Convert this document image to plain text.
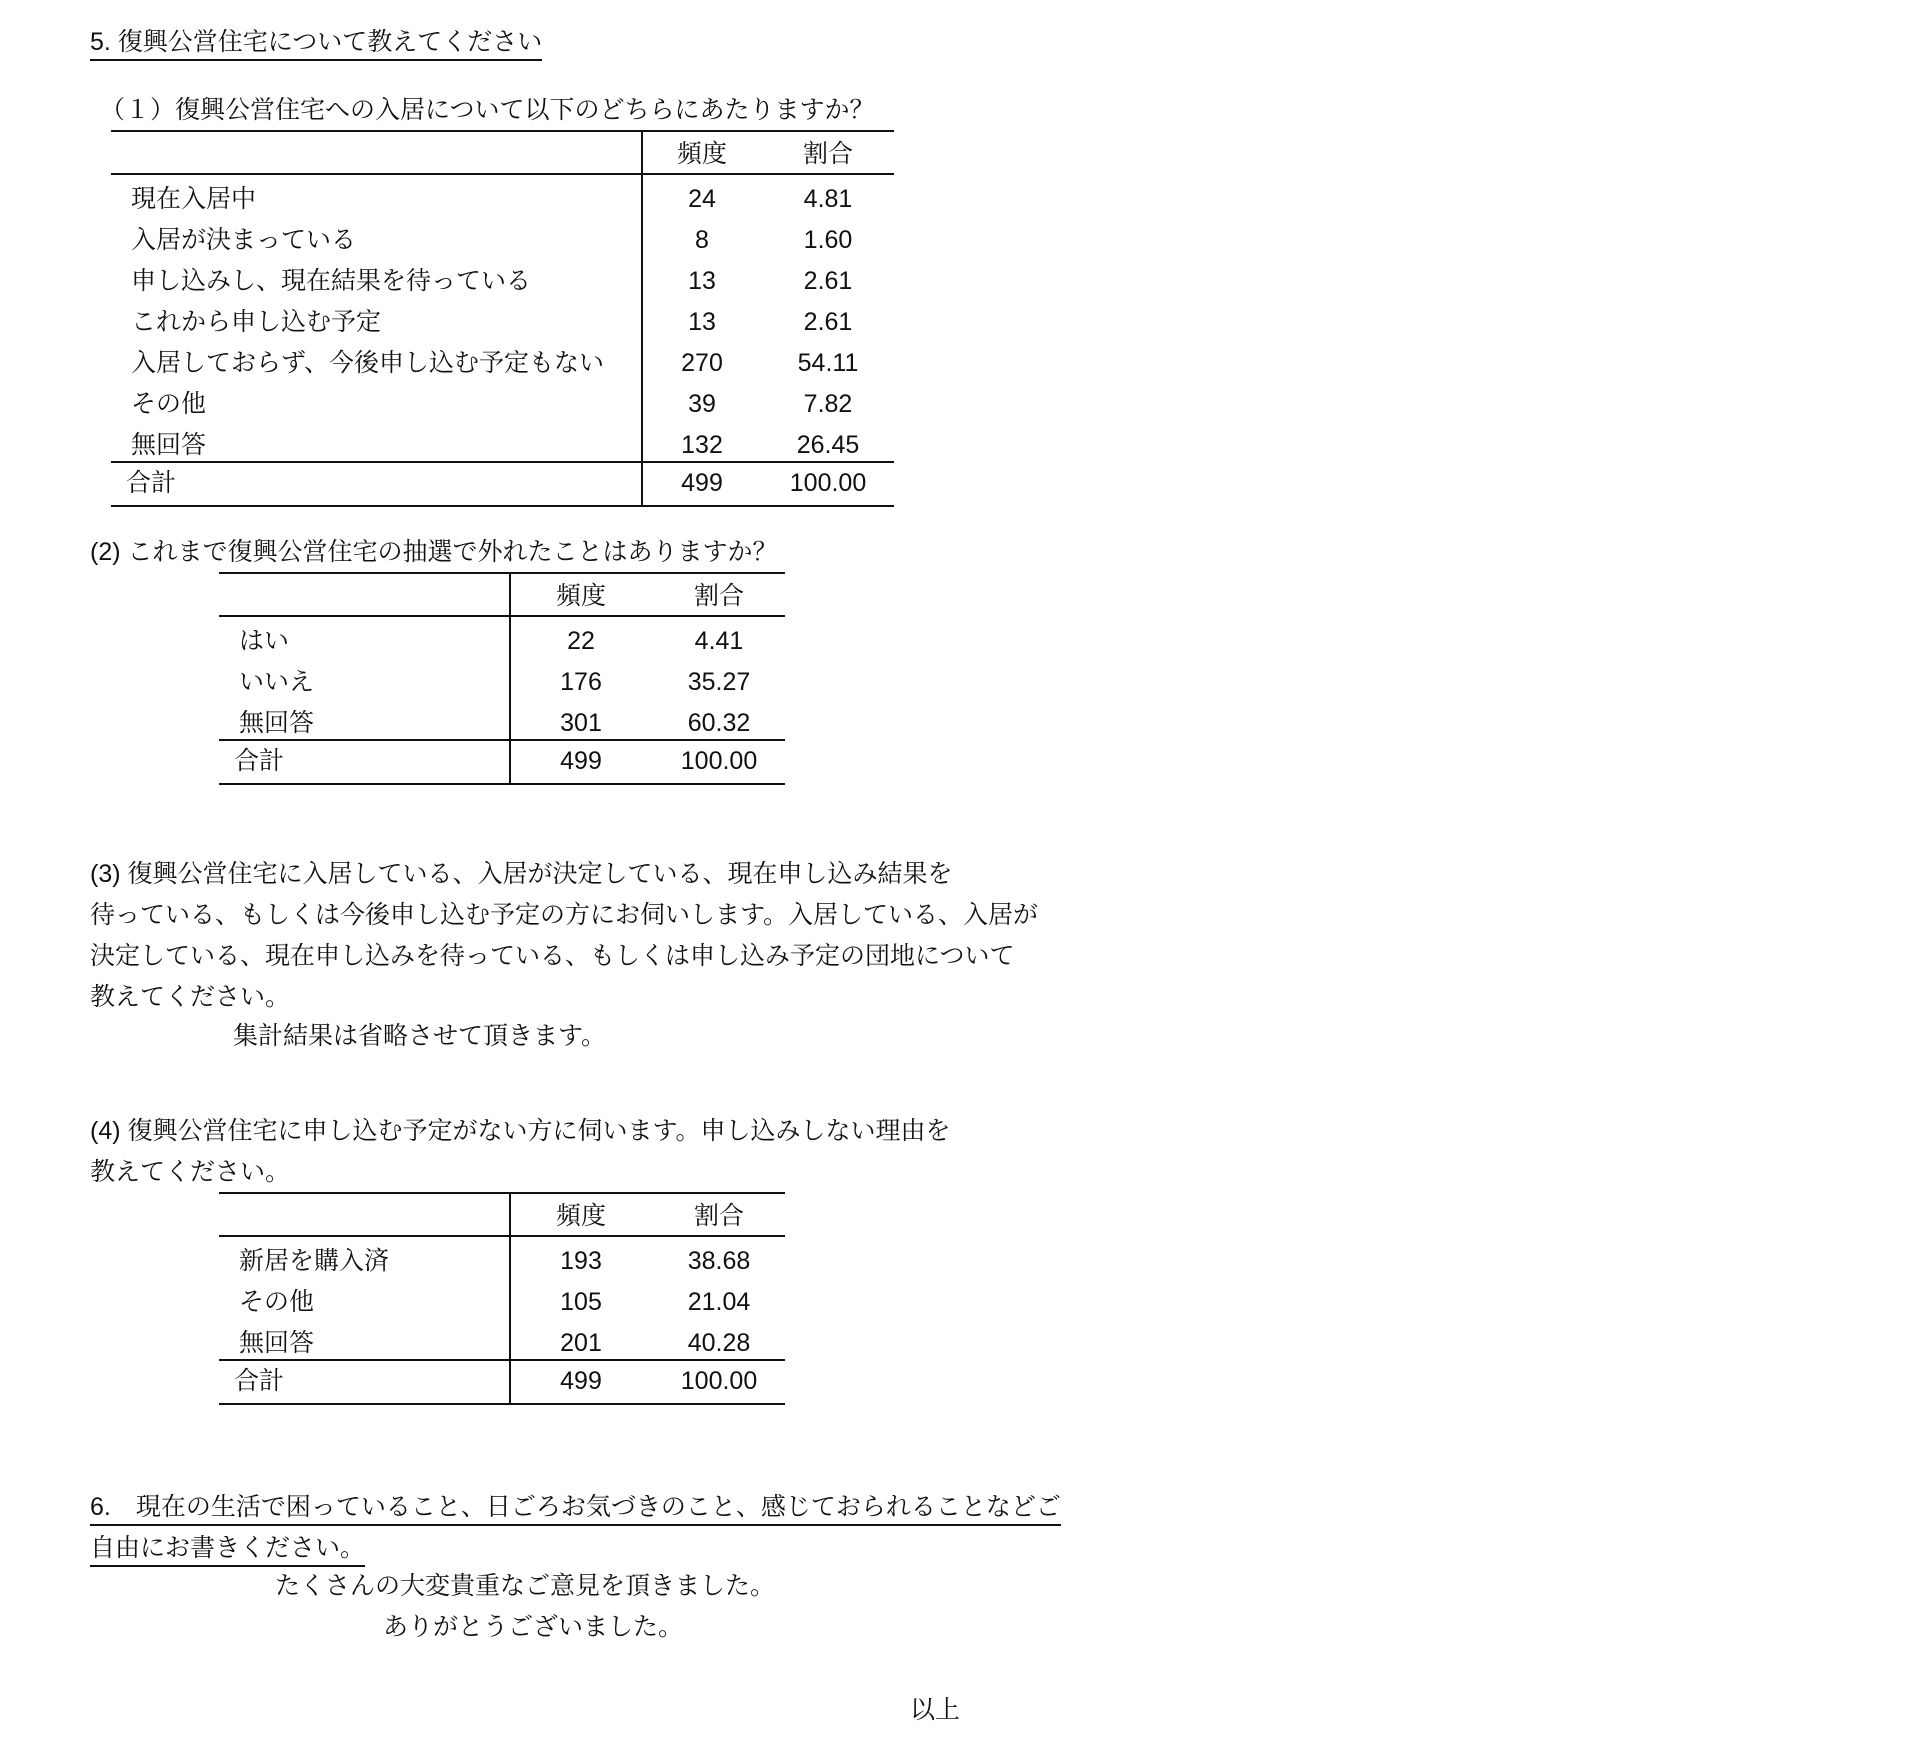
5. 復興公営住宅について教えてください
（１）復興公営住宅への入居について以下のどちらにあたりますか？
頻度	割合
現在入居中	24	4.81
入居が決まっている	8	1.60
申し込みし、現在結果を待っている	13	2.61
これから申し込む予定	13	2.61
入居しておらず、今後申し込む予定もない	270	54.11
その他	39	7.82
無回答	132	26.45
合計	499	100.00
(2) これまで復興公営住宅の抽選で外れたことはありますか？
頻度	割合
はい	22	4.41
いいえ	176	35.27
無回答	301	60.32
合計	499	100.00
(3) 復興公営住宅に入居している、入居が決定している、現在申し込み結果を
待っている、もしくは今後申し込む予定の方にお伺いします。入居している、入居が
決定している、現在申し込みを待っている、もしくは申し込み予定の団地について
教えてください。
集計結果は省略させて頂きます。
(4) 復興公営住宅に申し込む予定がない方に伺います。申し込みしない理由を
教えてください。
頻度	割合
新居を購入済	193	38.68
その他	105	21.04
無回答	201	40.28
合計	499	100.00
6.　現在の生活で困っていること、日ごろお気づきのこと、感じておられることなどご
自由にお書きください。
たくさんの大変貴重なご意見を頂きました。
ありがとうございました。
以上
